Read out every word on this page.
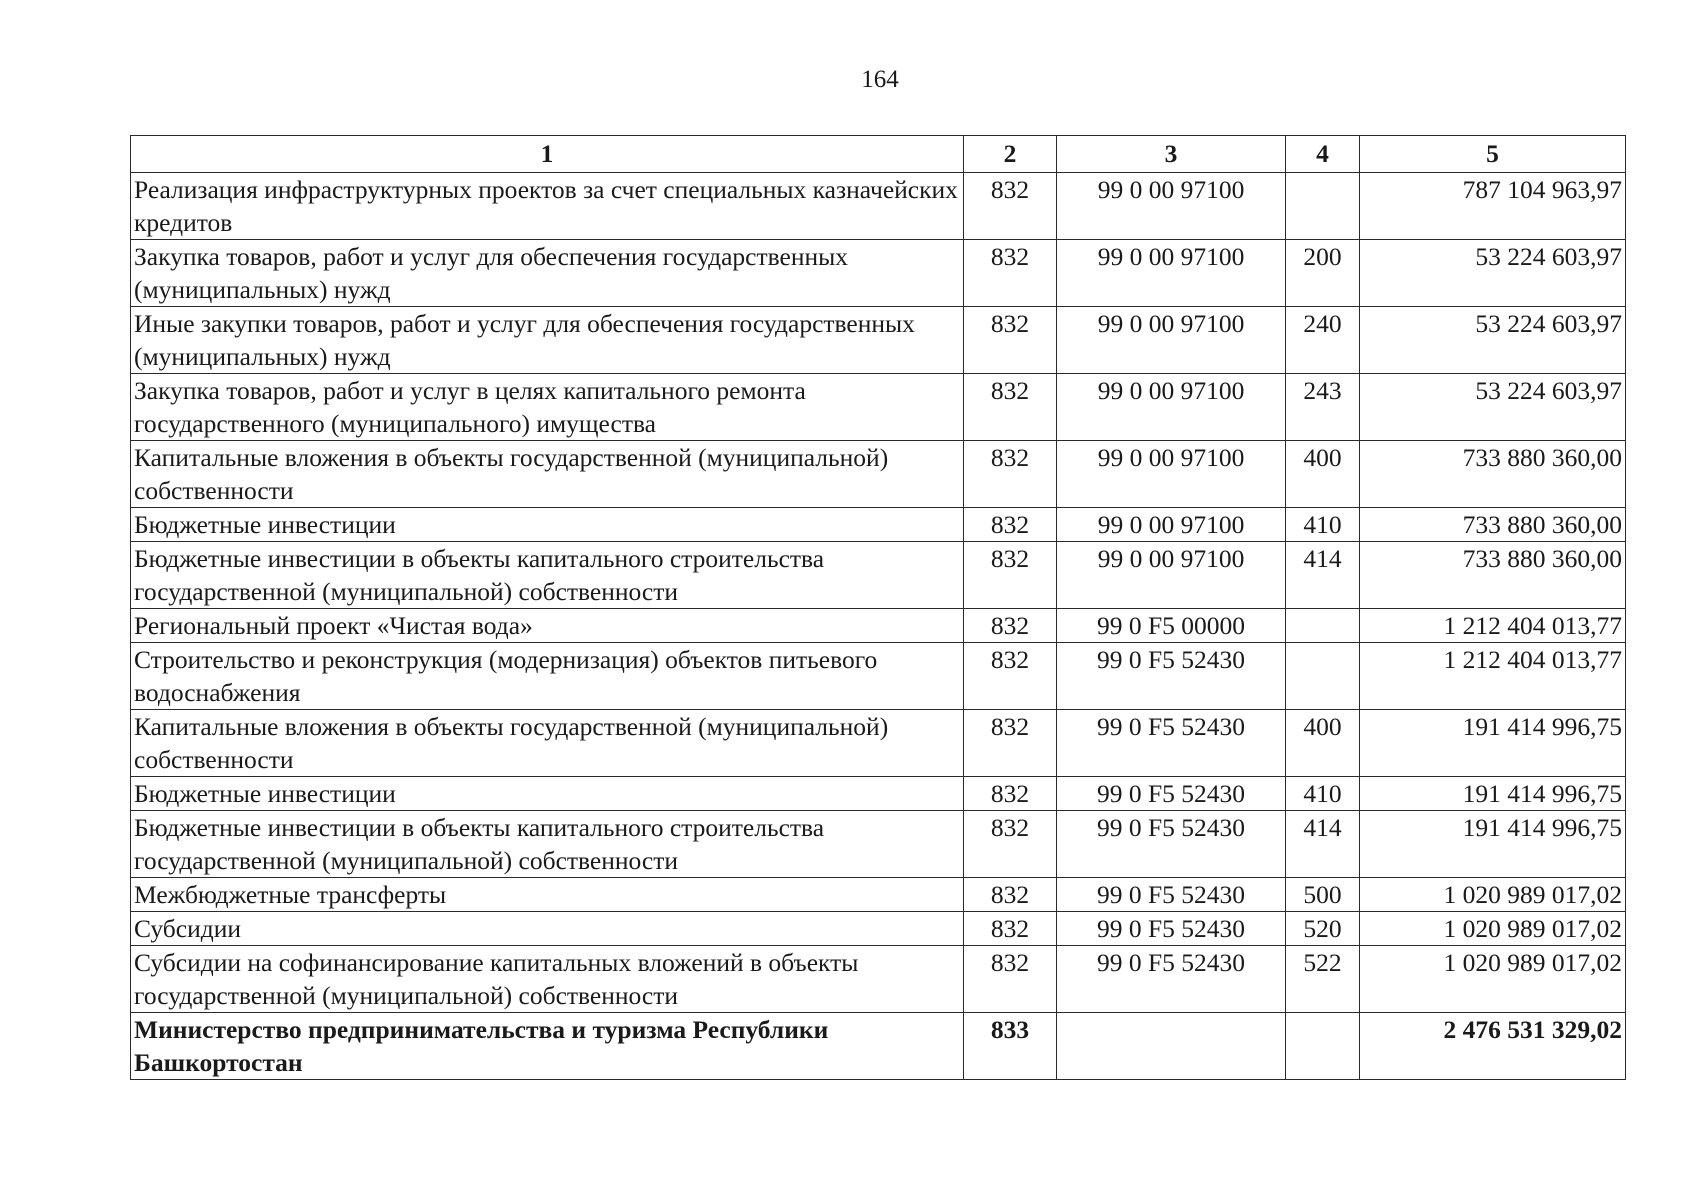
164
1	2	3	4	5
Реализация инфраструктурных проектов за счет специальных казначейских кредитов	832	99 0 00 97100		787 104 963,97
Закупка товаров, работ и услуг для обеспечения государственных (муниципальных) нужд	832	99 0 00 97100	200	53 224 603,97
Иные закупки товаров, работ и услуг для обеспечения государственных (муниципальных) нужд	832	99 0 00 97100	240	53 224 603,97
Закупка товаров, работ и услуг в целях капитального ремонта государственного (муниципального) имущества	832	99 0 00 97100	243	53 224 603,97
Капитальные вложения в объекты государственной (муниципальной) собственности	832	99 0 00 97100	400	733 880 360,00
Бюджетные инвестиции	832	99 0 00 97100	410	733 880 360,00
Бюджетные инвестиции в объекты капитального строительства государственной (муниципальной) собственности	832	99 0 00 97100	414	733 880 360,00
Региональный проект «Чистая вода»	832	99 0 F5 00000		1 212 404 013,77
Строительство и реконструкция (модернизация) объектов питьевого водоснабжения	832	99 0 F5 52430		1 212 404 013,77
Капитальные вложения в объекты государственной (муниципальной) собственности	832	99 0 F5 52430	400	191 414 996,75
Бюджетные инвестиции	832	99 0 F5 52430	410	191 414 996,75
Бюджетные инвестиции в объекты капитального строительства государственной (муниципальной) собственности	832	99 0 F5 52430	414	191 414 996,75
Межбюджетные трансферты	832	99 0 F5 52430	500	1 020 989 017,02
Субсидии	832	99 0 F5 52430	520	1 020 989 017,02
Субсидии на софинансирование капитальных вложений в объекты государственной (муниципальной) собственности	832	99 0 F5 52430	522	1 020 989 017,02
Министерство предпринимательства и туризма Республики Башкортостан	833			2 476 531 329,02
